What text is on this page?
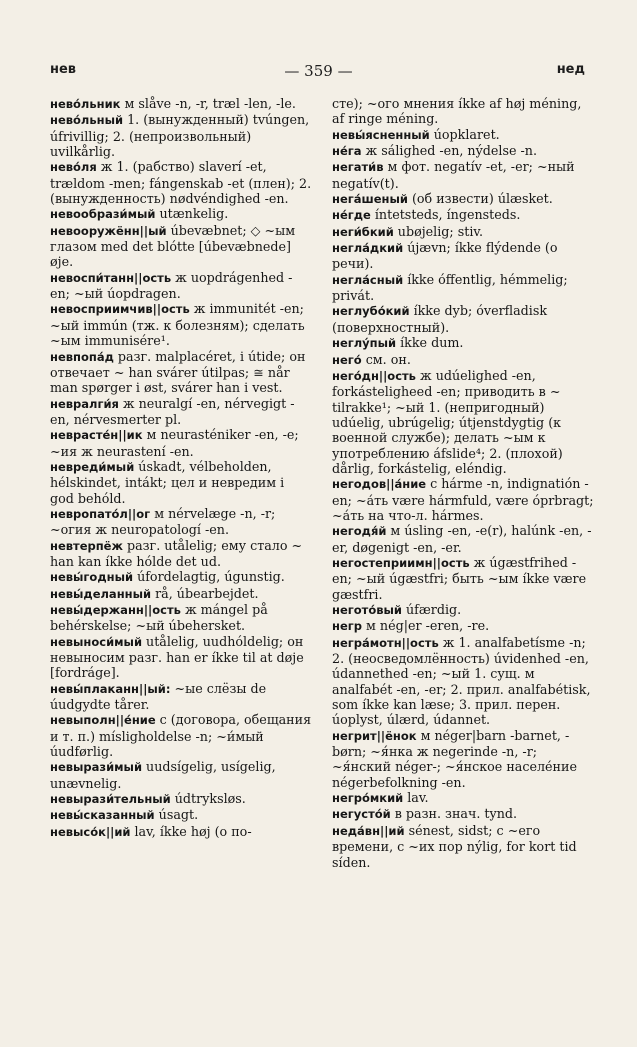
нев	— 359 —	нед
нево́льник м slåve -n, -r, træl -len, -le.
нево́льный 1. (вынужденный) tvúngen, úfrivillig; 2. (непроизвольный) uvilkårlig.
нево́ля ж 1. (рабство) slaverí -et, trældom -men; fángenskab -et (плен); 2. (вынужденность) nødvéndighed -en.
невообрази́мый utænkelig.
невооружённ||ый úbevæbnet; ◇ ~ым глазом med det blótte [úbevæbnede] øje.
невоспи́танн||ость ж uopdrágenhed -en; ~ый úopdragen.
невосприимчив||ость ж immunitét -en; ~ый immún (тж. к болезням); сделать ~ым immunisére¹.
невпопа́д разг. malplacéret, i útide; он отвечает ~ han svárer útilpas; ≅ når man spørger i øst, svárer han i vest.
невралги́я ж neuralgí -en, nérvegigt -en, nérvesmerter pl.
неврасте́н||ик м neurasténiker -en, -e; ~ия ж neurastení -en.
невреди́мый úskadt, vélbeholden, hélskindet, intákt; цел и невредим i god behóld.
невропато́л||ог м nérvelæge -n, -r; ~огия ж neuropatologí -en.
невтерпёж разг. utålelig; ему стало ~ han kan íkke hólde det ud.
невы́годный úfordelagtig, úgunstig.
невы́деланный rå, úbearbejdet.
невы́держанн||ость ж mángel på behérskelse; ~ый úbehersket.
невыноси́мый utålelig, uudhóldelig; он невыносим разг. han er íkke til at døje [fordráge].
невы́плаканн||ый: ~ые слёзы de úudgydte tårer.
невыполн||е́ние с (договора, обещания и т. п.) mísligholdelse -n; ~и́мый úudførlig.
невырази́мый uudsígelig, usígelig, unævnelig.
невырази́тельный údtryksløs.
невы́сказанный úsagt.
невысо́к||ий lav, íkke høj (о по-
сте); ~ого мнения íkke af høj méning, af ringe méning.
невы́ясненный úopklaret.
не́га ж sálighed -en, nýdelse -n.
негати́в м фот. negatív -et, -er; ~ный negatív(t).
нега́шеный (об извести) úlæsket.
не́где íntetsteds, íngensteds.
неги́бкий ubøjelig; stiv.
негла́дкий újævn; íkke flýdende (о речи).
негла́сный íkke óffentlig, hémmelig; privát.
неглубо́кий íkke dyb; óverfladisk (поверхностный).
неглу́пый íkke dum.
него́ см. он.
него́дн||ость ж udúelighed -en, forkásteligheed -en; приводить в ~ tilrakke¹; ~ый 1. (непригодный) udúelig, ubrúgelig; útjenstdygtig (к военной службе); делать ~ым к употреблению áfslide⁴; 2. (плохой) dårlig, forkástelig, eléndig.
негодов||а́ние с hárme -n, indignatión -en; ~а́ть være hármfuld, være óprbragt; ~а́ть на что-л. hármes.
негодя́й м úsling -en, -e(r), halúnk -en, -er, døgenigt -en, -er.
негостеприимн||ость ж úgæstfrihed -en; ~ый úgæstfri; быть ~ым íkke være gæstfri.
негото́вый úfærdig.
негр м nég|er -eren, -re.
негра́мотн||ость ж 1. analfabetísme -n; 2. (неосведомлённость) úvidenhed -en, údannethed -en; ~ый 1. сущ. м analfabét -en, -er; 2. прил. analfabétisk, som íkke kan læse; 3. прил. перен. úoplyst, úlærd, údannet.
негрит||ёнок м néger|barn -barnet, -børn; ~я́нка ж negerinde -n, -r; ~я́нский néger-; ~я́нское населе́ние négerbefolkning -en.
негро́мкий lav.
негусто́й в разн. знач. tynd.
неда́вн||ий sénest, sidst; с ~его времени, с ~их пор nýlig, for kort tid síden.
